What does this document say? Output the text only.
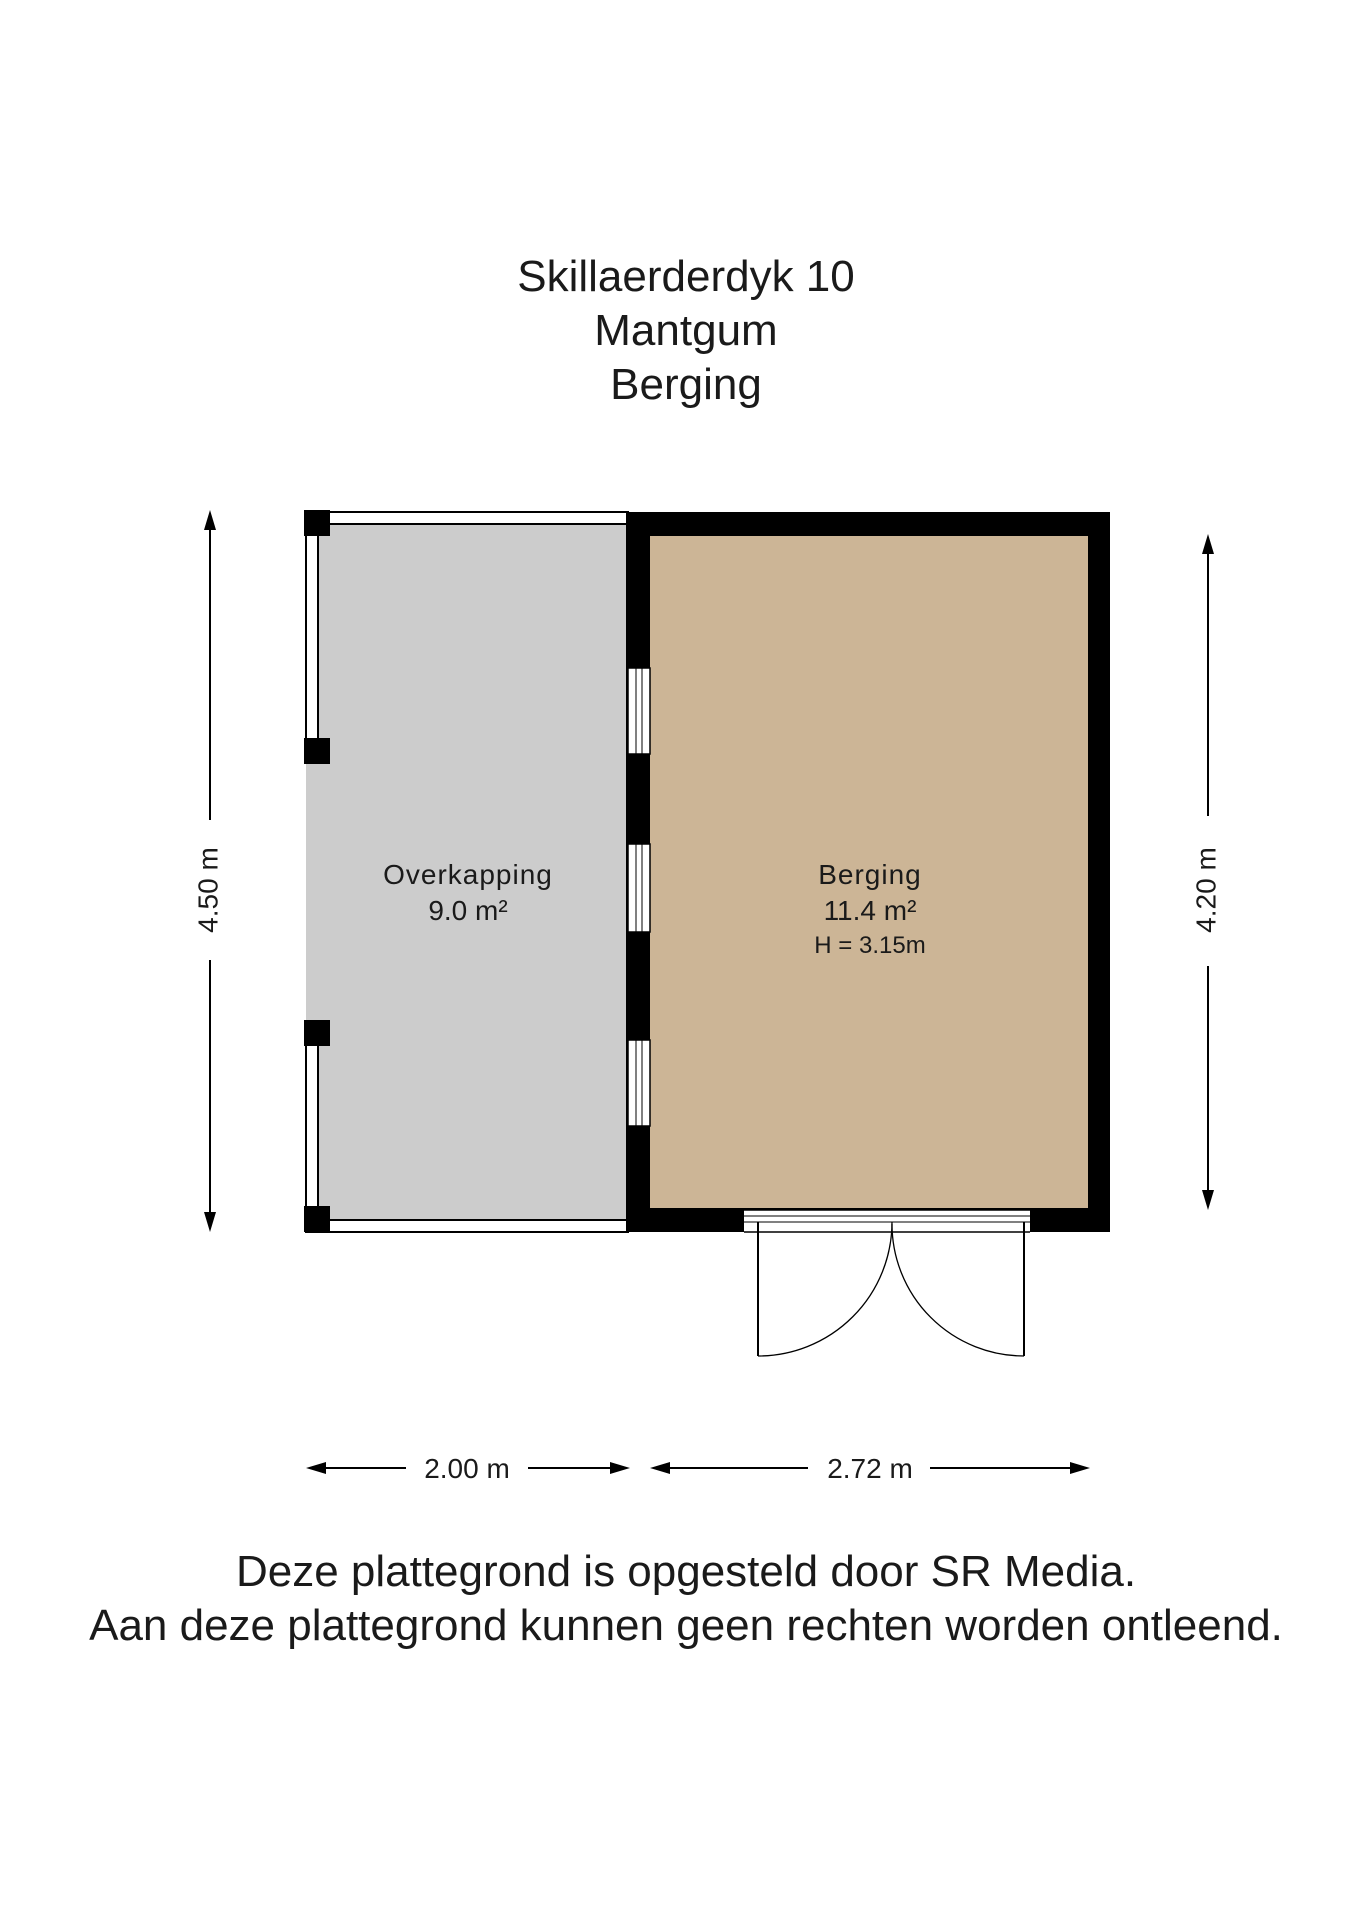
Skillaerderdyk 10
Mantgum
Berging
Overkapping
9.0 m²
Berging
11.4 m²
H = 3.15m
4.50 m	4.20 m
2.00 m	2.72 m
Deze plattegrond is opgesteld door SR Media.
Aan deze plattegrond kunnen geen rechten worden ontleend.
